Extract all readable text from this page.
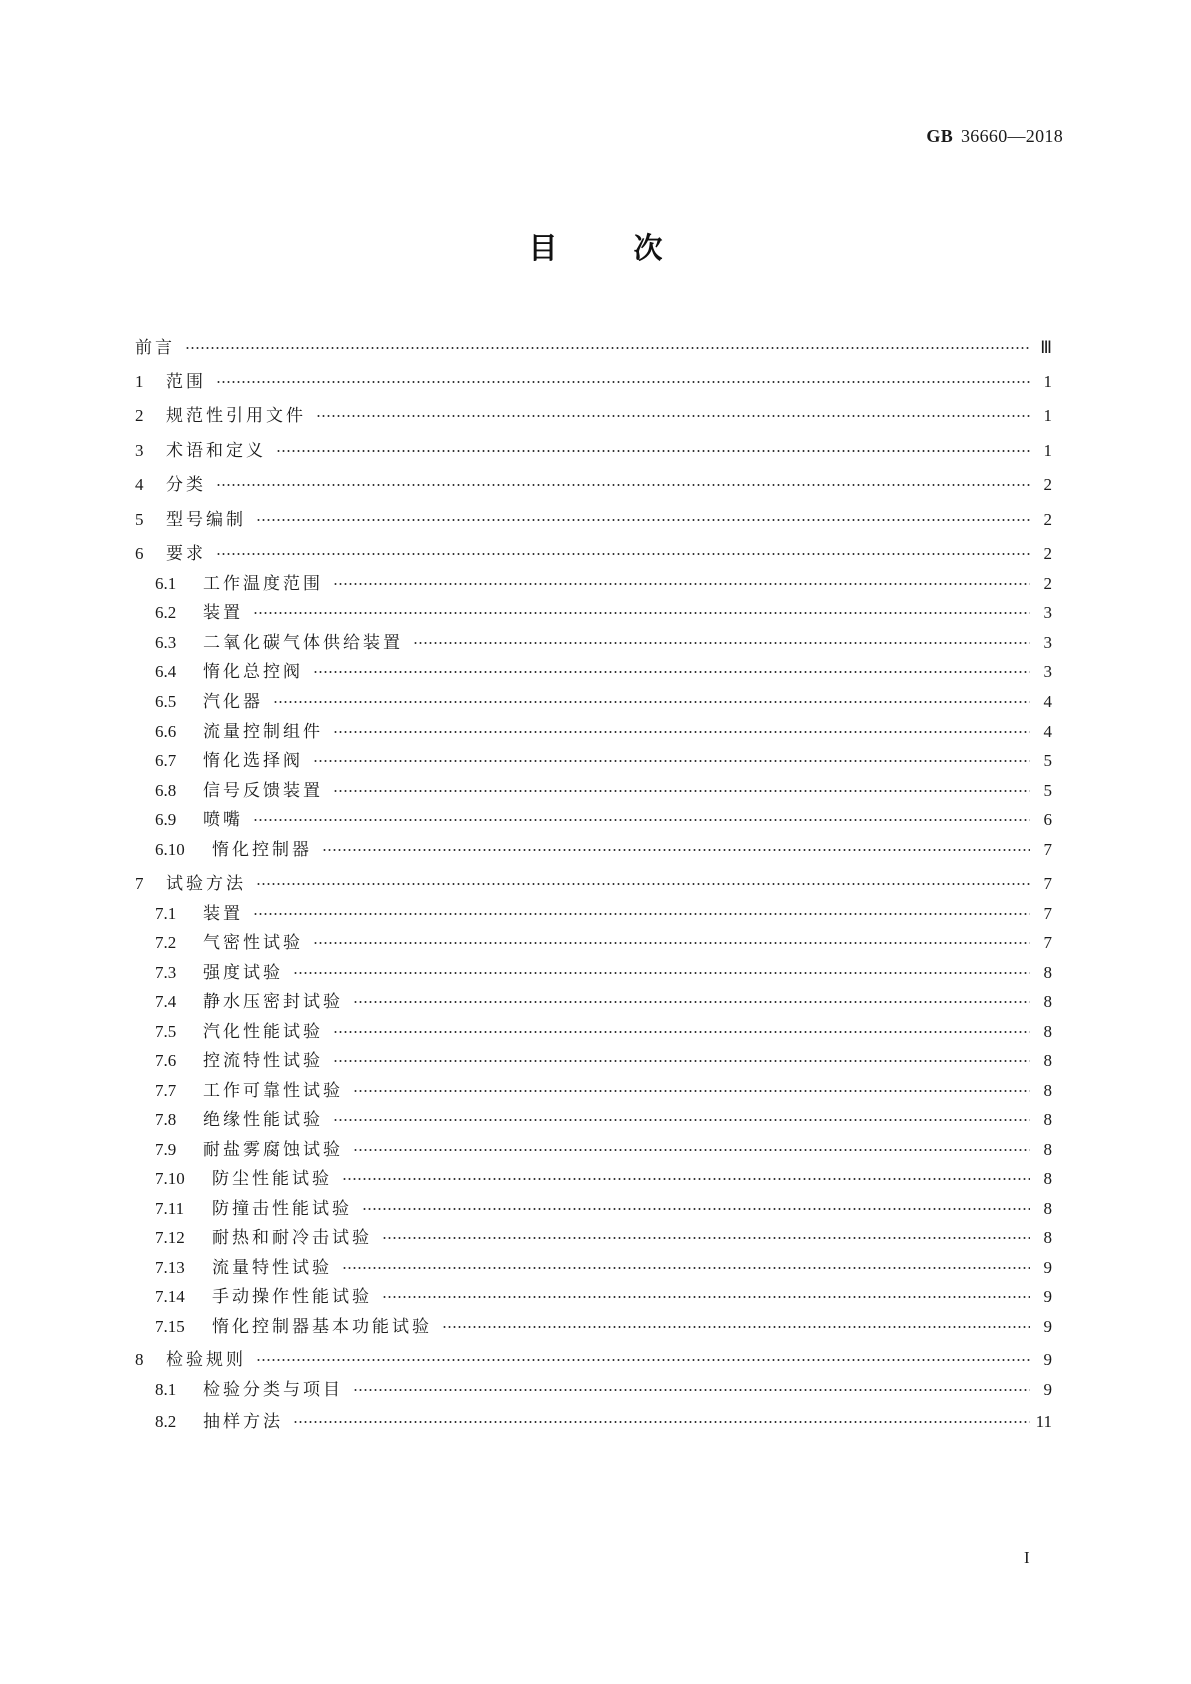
GB 36660—2018
目	次
前言	Ⅲ
1	范围	1
2	规范性引用文件	1
3	术语和定义	1
4	分类	2
5	型号编制	2
6	要求	2
6.1	工作温度范围	2
6.2	装置	3
6.3	二氧化碳气体供给装置	3
6.4	惰化总控阀	3
6.5	汽化器	4
6.6	流量控制组件	4
6.7	惰化选择阀	5
6.8	信号反馈装置	5
6.9	喷嘴	6
6.10	惰化控制器	7
7	试验方法	7
7.1	装置	7
7.2	气密性试验	7
7.3	强度试验	8
7.4	静水压密封试验	8
7.5	汽化性能试验	8
7.6	控流特性试验	8
7.7	工作可靠性试验	8
7.8	绝缘性能试验	8
7.9	耐盐雾腐蚀试验	8
7.10	防尘性能试验	8
7.11	防撞击性能试验	8
7.12	耐热和耐冷击试验	8
7.13	流量特性试验	9
7.14	手动操作性能试验	9
7.15	惰化控制器基本功能试验	9
8	检验规则	9
8.1	检验分类与项目	9
8.2	抽样方法	11
I
